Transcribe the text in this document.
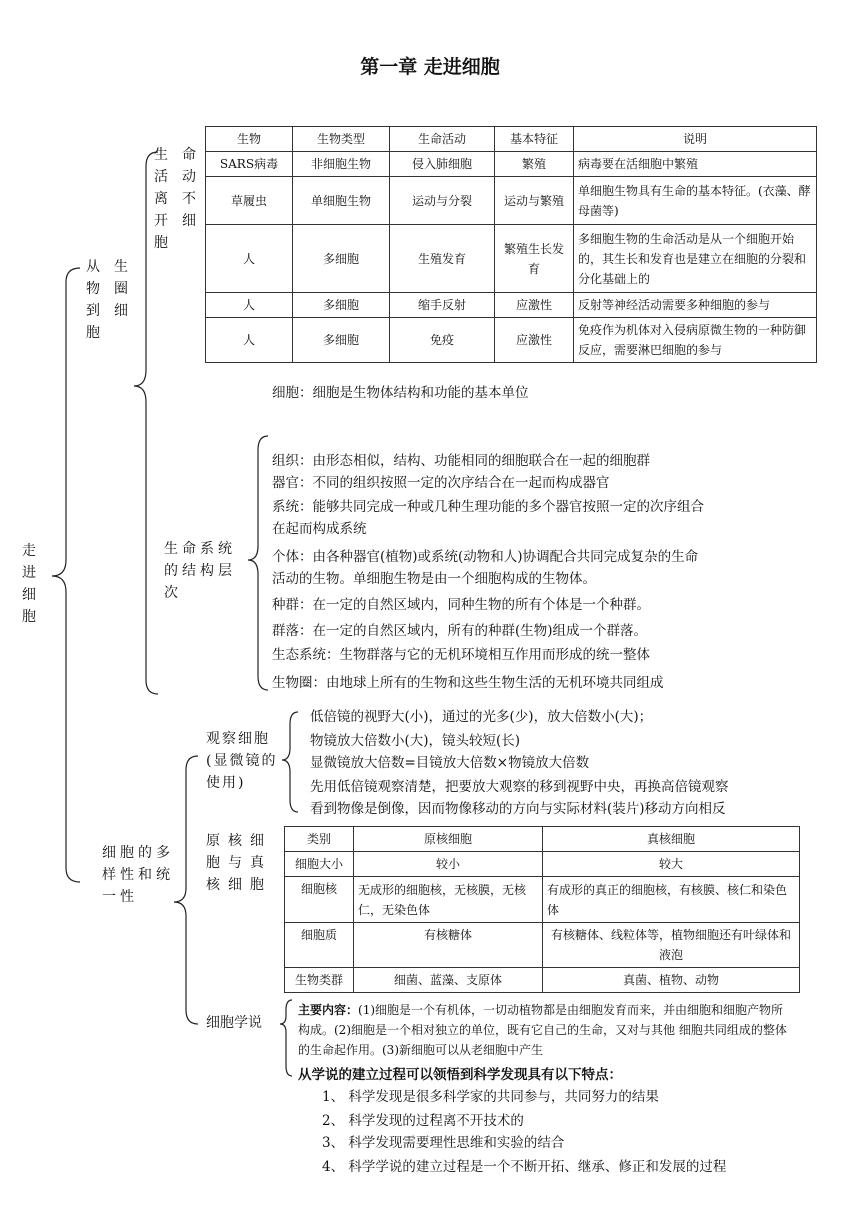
第一章 走进细胞
走进细胞
从生物圈到细胞
生命活动离不开细胞
生物	生物类型	生命活动	基本特征	说明
SARS病毒	非细胞生物	侵入肺细胞	繁殖	病毒要在活细胞中繁殖
草履虫	单细胞生物	运动与分裂	运动与繁殖	单细胞生物具有生命的基本特征。(衣藻、酵母菌等)
人	多细胞	生殖发育	繁殖生长发育	多细胞生物的生命活动是从一个细胞开始的，其生长和发育也是建立在细胞的分裂和分化基础上的
人	多细胞	缩手反射	应激性	反射等神经活动需要多种细胞的参与
人	多细胞	免疫	应激性	免疫作为机体对入侵病原微生物的一种防御反应，需要淋巴细胞的参与
细胞：细胞是生物体结构和功能的基本单位
生命系统的结构层次
组织：由形态相似，结构、功能相同的细胞联合在一起的细胞群
器官：不同的组织按照一定的次序结合在一起而构成器官
系统：能够共同完成一种或几种生理功能的多个器官按照一定的次序组合
在起而构成系统
个体：由各种器官(植物)或系统(动物和人)协调配合共同完成复杂的生命
活动的生物。单细胞生物是由一个细胞构成的生物体。
种群：在一定的自然区域内，同种生物的所有个体是一个种群。
群落：在一定的自然区域内，所有的种群(生物)组成一个群落。
生态系统：生物群落与它的无机环境相互作用而形成的统一整体
生物圈：由地球上所有的生物和这些生物生活的无机环境共同组成
细胞的多样性和统一性
观察细胞(显微镜的使用)
低倍镜的视野大(小)，通过的光多(少)，放大倍数小(大)；
物镜放大倍数小(大)，镜头较短(长)
显微镜放大倍数=目镜放大倍数×物镜放大倍数
先用低倍镜观察清楚，把要放大观察的移到视野中央，再换高倍镜观察
看到物像是倒像，因而物像移动的方向与实际材料(装片)移动方向相反
原核细胞与真核细胞
类别	原核细胞	真核细胞
细胞大小	较小	较大
细胞核	无成形的细胞核，无核膜，无核仁，无染色体	有成形的真正的细胞核，有核膜、核仁和染色体
细胞质	有核糖体	有核糖体、线粒体等，植物细胞还有叶绿体和液泡
生物类群	细菌、蓝藻、支原体	真菌、植物、动物
细胞学说
主要内容：(1)细胞是一个有机体，一切动植物都是由细胞发育而来，并由细胞和细胞产物所
构成。(2)细胞是一个相对独立的单位，既有它自己的生命，又对与其他 细胞共同组成的整体
的生命起作用。(3)新细胞可以从老细胞中产生
从学说的建立过程可以领悟到科学发现具有以下特点：
1、 科学发现是很多科学家的共同参与，共同努力的结果
2、 科学发现的过程离不开技术的
3、 科学发现需要理性思维和实验的结合
4、 科学学说的建立过程是一个不断开拓、继承、修正和发展的过程
